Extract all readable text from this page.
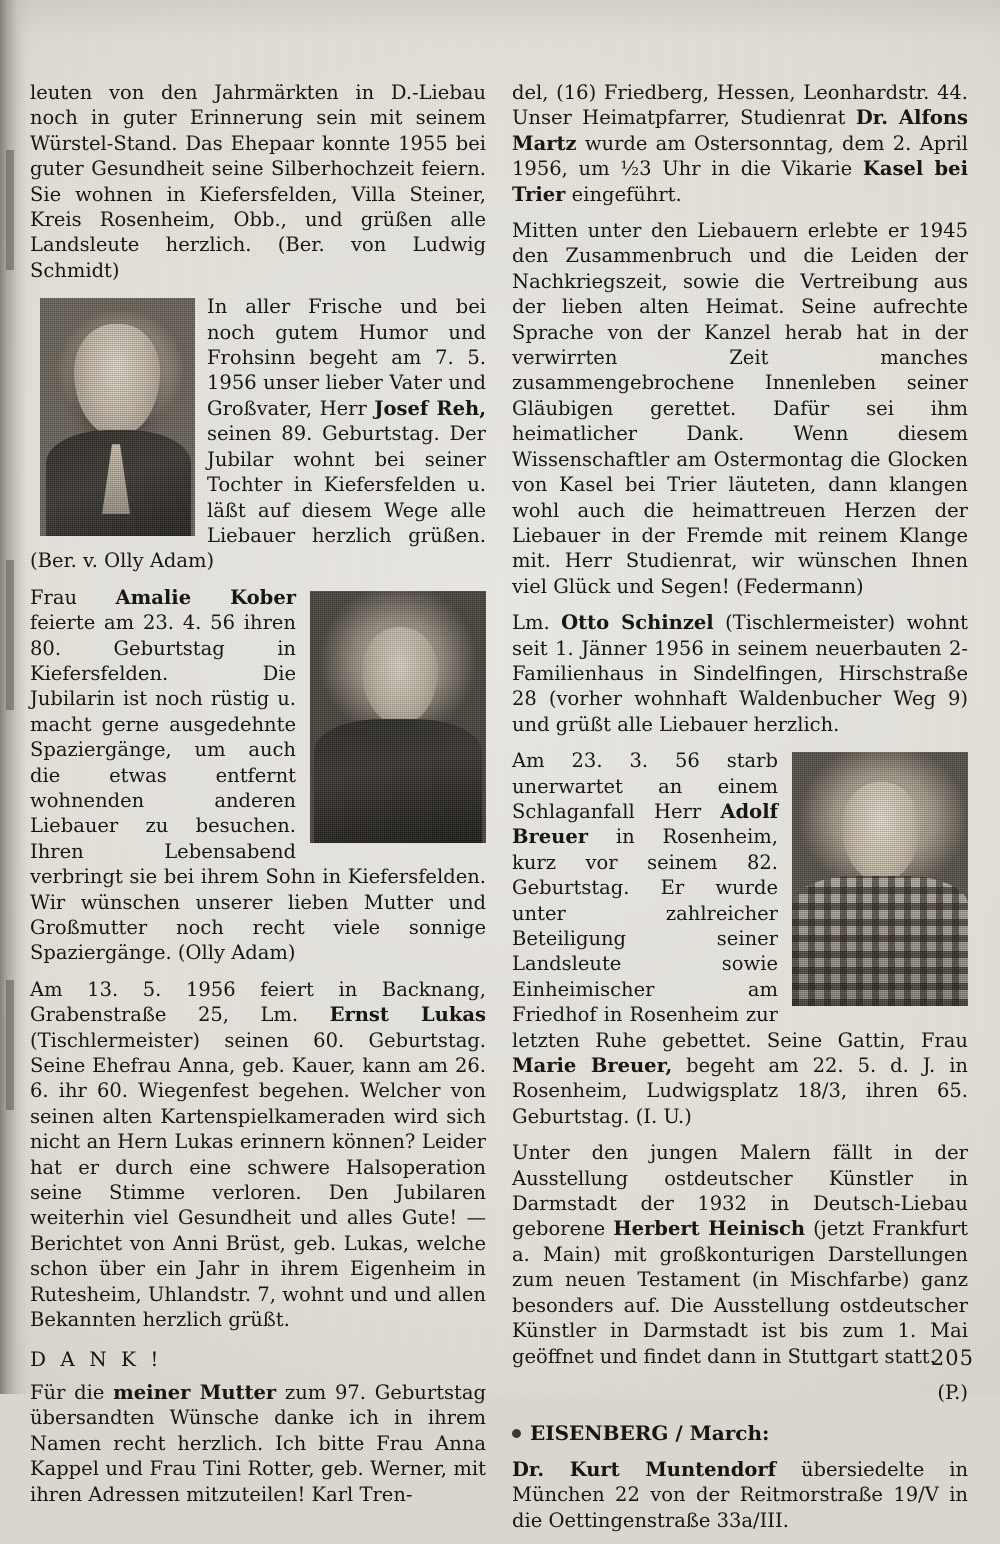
leuten von den Jahrmärkten in D.-Liebau noch in guter Erinnerung sein mit seinem Würstel-Stand. Das Ehepaar konnte 1955 bei guter Gesundheit seine Silberhochzeit feiern. Sie wohnen in Kiefersfelden, Villa Steiner, Kreis Rosenheim, Obb., und grüßen alle Landsleute herzlich. (Ber. von Ludwig Schmidt)

In aller Frische und bei noch gutem Humor und Frohsinn begeht am 7. 5. 1956 unser lieber Vater und Großvater, Herr Josef Reh, seinen 89. Geburtstag. Der Jubilar wohnt bei seiner Tochter in Kiefersfelden u. läßt auf diesem Wege alle Liebauer herzlich grüßen. (Ber. v. Olly Adam)

Frau Amalie Kober feierte am 23. 4. 56 ihren 80. Geburtstag in Kiefersfelden. Die Jubilarin ist noch rüstig u. macht gerne ausgedehnte Spaziergänge, um auch die etwas entfernt wohnenden anderen Liebauer zu besuchen. Ihren Lebensabend verbringt sie bei ihrem Sohn in Kiefersfelden. Wir wünschen unserer lieben Mutter und Großmutter noch recht viele sonnige Spaziergänge. (Olly Adam)

Am 13. 5. 1956 feiert in Backnang, Grabenstraße 25, Lm. Ernst Lukas (Tischlermeister) seinen 60. Geburtstag. Seine Ehefrau Anna, geb. Kauer, kann am 26. 6. ihr 60. Wiegenfest begehen. Welcher von seinen alten Kartenspielkameraden wird sich nicht an Hern Lukas erinnern können? Leider hat er durch eine schwere Halsoperation seine Stimme verloren. Den Jubilaren weiterhin viel Gesundheit und alles Gute! — Berichtet von Anni Brüst, geb. Lukas, welche schon über ein Jahr in ihrem Eigenheim in Rutesheim, Uhlandstr. 7, wohnt und und allen Bekannten herzlich grüßt.

D A N K !

Für die meiner Mutter zum 97. Geburtstag übersandten Wünsche danke ich in ihrem Namen recht herzlich. Ich bitte Frau Anna Kappel und Frau Tini Rotter, geb. Werner, mit ihren Adressen mitzuteilen! Karl Tren-

del, (16) Friedberg, Hessen, Leonhardstr. 44. Unser Heimatpfarrer, Studienrat Dr. Alfons Martz wurde am Ostersonntag, dem 2. April 1956, um ½3 Uhr in die Vikarie Kasel bei Trier eingeführt.

Mitten unter den Liebauern erlebte er 1945 den Zusammenbruch und die Leiden der Nachkriegszeit, sowie die Vertreibung aus der lieben alten Heimat. Seine aufrechte Sprache von der Kanzel herab hat in der verwirrten Zeit manches zusammengebrochene Innenleben seiner Gläubigen gerettet. Dafür sei ihm heimatlicher Dank. Wenn diesem Wissenschaftler am Ostermontag die Glocken von Kasel bei Trier läuteten, dann klangen wohl auch die heimattreuen Herzen der Liebauer in der Fremde mit reinem Klange mit. Herr Studienrat, wir wünschen Ihnen viel Glück und Segen! (Federmann)

Lm. Otto Schinzel (Tischlermeister) wohnt seit 1. Jänner 1956 in seinem neuerbauten 2-Familienhaus in Sindelfingen, Hirschstraße 28 (vorher wohnhaft Waldenbucher Weg 9) und grüßt alle Liebauer herzlich.

Am 23. 3. 56 starb unerwartet an einem Schlaganfall Herr Adolf Breuer in Rosenheim, kurz vor seinem 82. Geburtstag. Er wurde unter zahlreicher Beteiligung seiner Landsleute sowie Einheimischer am Friedhof in Rosenheim zur letzten Ruhe gebettet. Seine Gattin, Frau Marie Breuer, begeht am 22. 5. d. J. in Rosenheim, Ludwigsplatz 18/3, ihren 65. Geburtstag. (I. U.)

Unter den jungen Malern fällt in der Ausstellung ostdeutscher Künstler in Darmstadt der 1932 in Deutsch-Liebau geborene Herbert Heinisch (jetzt Frankfurt a. Main) mit großkonturigen Darstellungen zum neuen Testament (in Mischfarbe) ganz besonders auf. Die Ausstellung ostdeutscher Künstler in Darmstadt ist bis zum 1. Mai geöffnet und findet dann in Stuttgart statt.

(P.)

EISENBERG / March:

Dr. Kurt Muntendorf übersiedelte in München 22 von der Reitmorstraße 19/V in die Oettingenstraße 33a/III.

205
